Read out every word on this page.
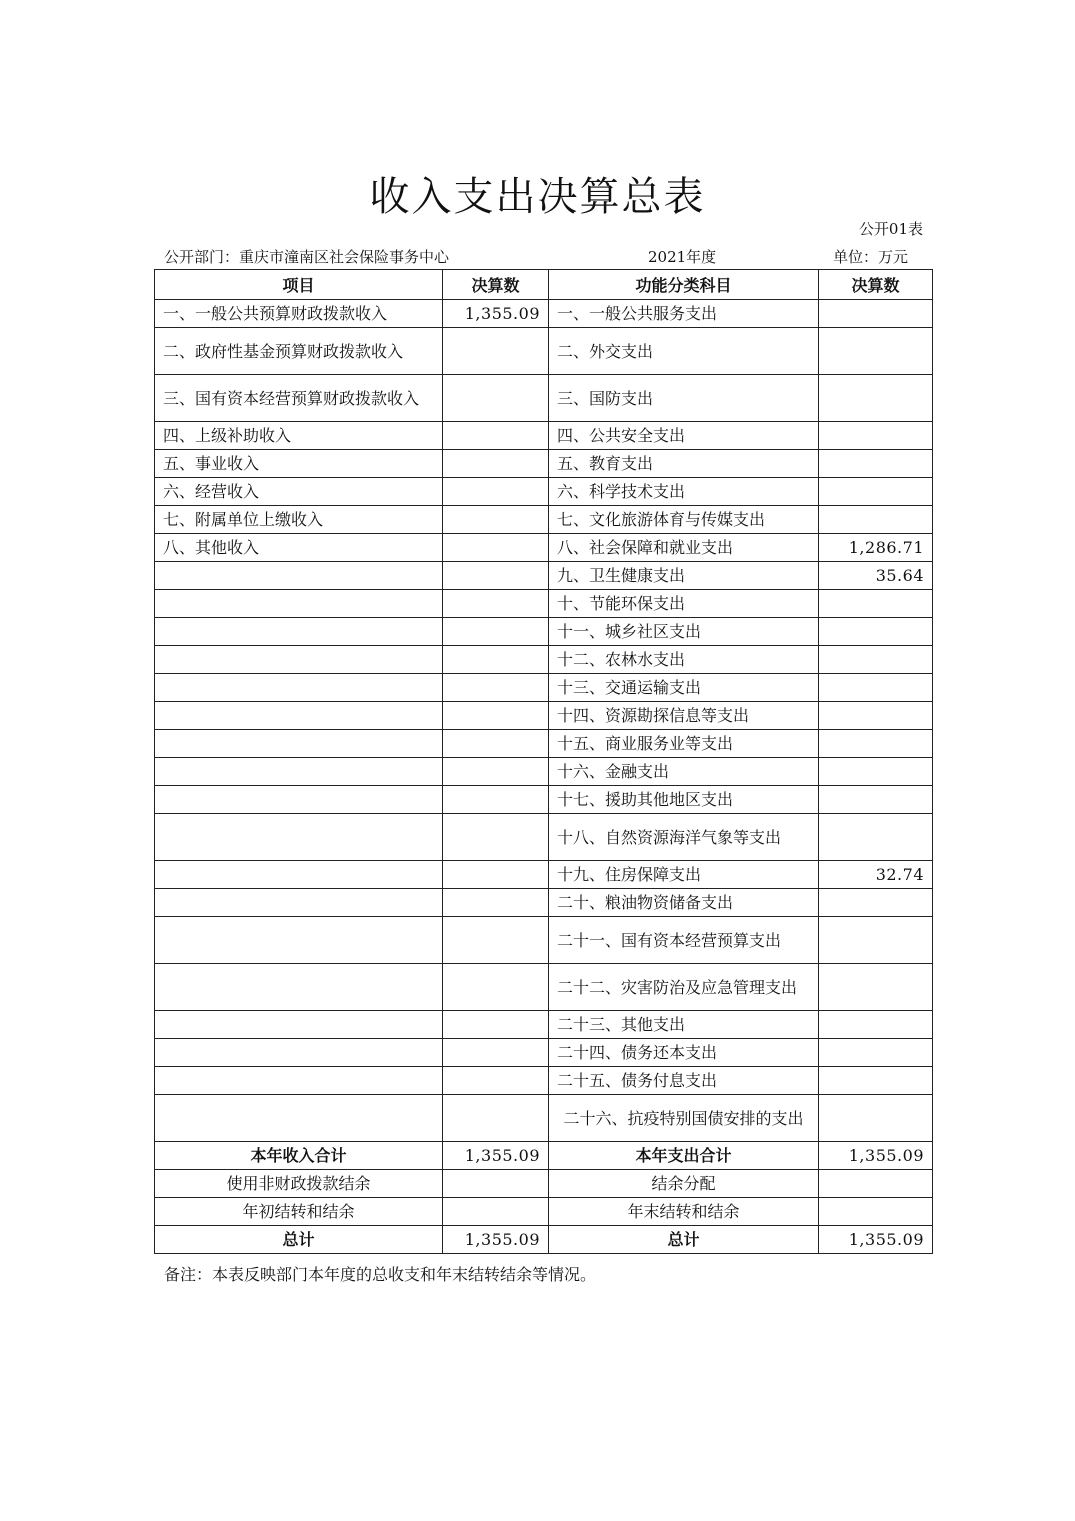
收入支出决算总表
公开01表
公开部门：重庆市潼南区社会保险事务中心	2021年度	单位：万元
项目	决算数	功能分类科目	决算数
一、一般公共预算财政拨款收入	1,355.09	一、一般公共服务支出	
二、政府性基金预算财政拨款收入		二、外交支出	
三、国有资本经营预算财政拨款收入		三、国防支出	
四、上级补助收入		四、公共安全支出	
五、事业收入		五、教育支出	
六、经营收入		六、科学技术支出	
七、附属单位上缴收入		七、文化旅游体育与传媒支出	
八、其他收入		八、社会保障和就业支出	1,286.71
		九、卫生健康支出	35.64
		十、节能环保支出	
		十一、城乡社区支出	
		十二、农林水支出	
		十三、交通运输支出	
		十四、资源勘探信息等支出	
		十五、商业服务业等支出	
		十六、金融支出	
		十七、援助其他地区支出	
		十八、自然资源海洋气象等支出	
		十九、住房保障支出	32.74
		二十、粮油物资储备支出	
		二十一、国有资本经营预算支出	
		二十二、灾害防治及应急管理支出	
		二十三、其他支出	
		二十四、债务还本支出	
		二十五、债务付息支出	
		二十六、抗疫特别国债安排的支出	
本年收入合计	1,355.09	本年支出合计	1,355.09
使用非财政拨款结余		结余分配	
年初结转和结余		年末结转和结余	
总计	1,355.09	总计	1,355.09
备注：本表反映部门本年度的总收支和年末结转结余等情况。
